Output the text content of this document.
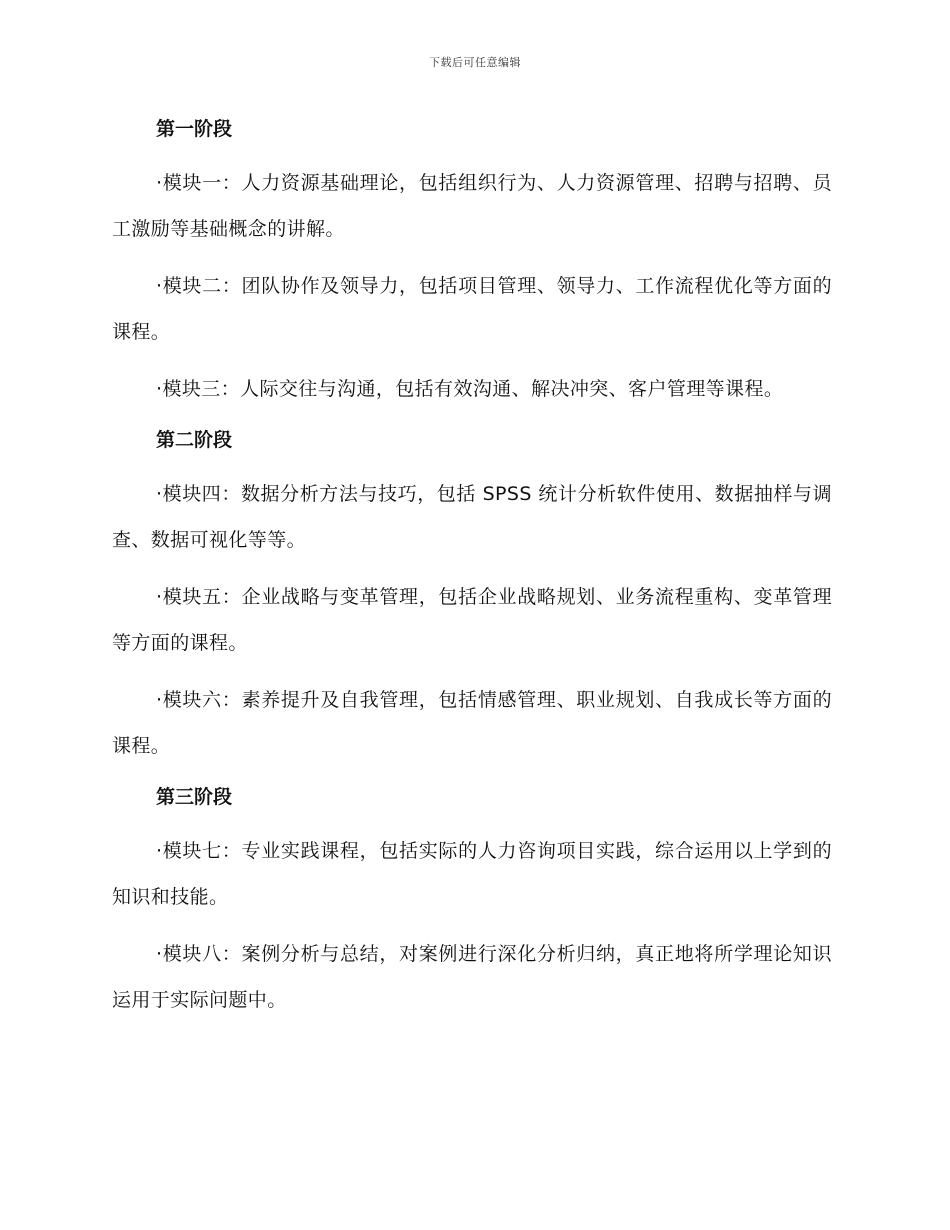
下载后可任意编辑
第一阶段

·模块一：人力资源基础理论，包括组织行为、人力资源管理、招聘与招聘、员工激励等基础概念的讲解。

·模块二：团队协作及领导力，包括项目管理、领导力、工作流程优化等方面的课程。

·模块三：人际交往与沟通，包括有效沟通、解决冲突、客户管理等课程。

第二阶段

·模块四：数据分析方法与技巧，包括 SPSS 统计分析软件使用、数据抽样与调查、数据可视化等等。

·模块五：企业战略与变革管理，包括企业战略规划、业务流程重构、变革管理等方面的课程。

·模块六：素养提升及自我管理，包括情感管理、职业规划、自我成长等方面的课程。

第三阶段

·模块七：专业实践课程，包括实际的人力咨询项目实践，综合运用以上学到的知识和技能。

·模块八：案例分析与总结，对案例进行深化分析归纳，真正地将所学理论知识运用于实际问题中。
